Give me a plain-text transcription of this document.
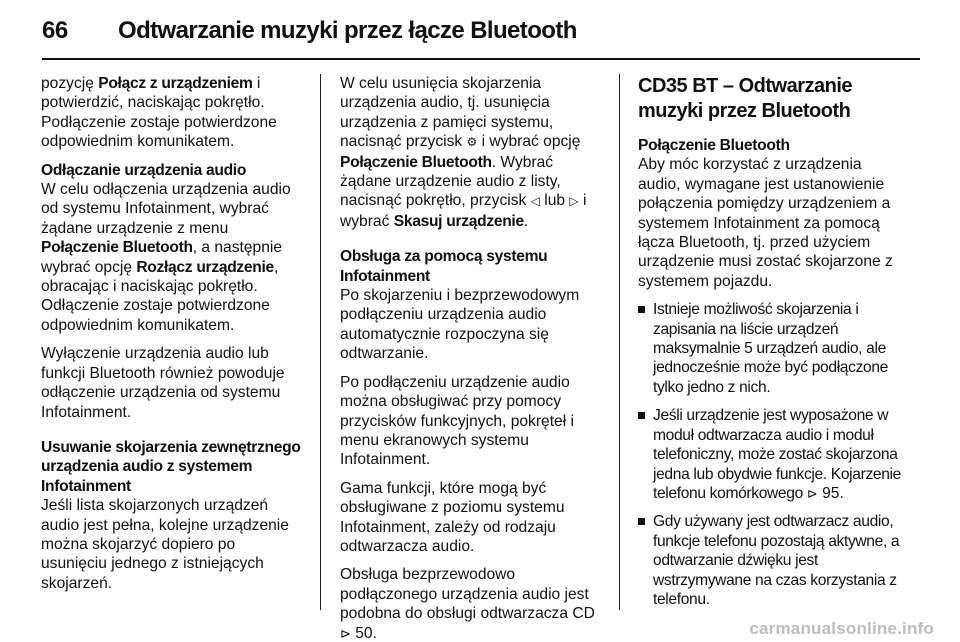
66 Odtwarzanie muzyki przez łącze Bluetooth

pozycję Połącz z urządzeniem i potwierdzić, naciskając pokrętło. Podłączenie zostaje potwierdzone odpowiednim komunikatem.

Odłączanie urządzenia audio
W celu odłączenia urządzenia audio od systemu Infotainment, wybrać żądane urządzenie z menu Połączenie Bluetooth, a następnie wybrać opcję Rozłącz urządzenie, obracając i naciskając pokrętło. Odłączenie zostaje potwierdzone odpowiednim komunikatem.

Wyłączenie urządzenia audio lub funkcji Bluetooth również powoduje odłączenie urządzenia od systemu Infotainment.

Usuwanie skojarzenia zewnętrznego urządzenia audio z systemem Infotainment
Jeśli lista skojarzonych urządzeń audio jest pełna, kolejne urządzenie można skojarzyć dopiero po usunięciu jednego z istniejących skojarzeń.

W celu usunięcia skojarzenia urządzenia audio, tj. usunięcia urządzenia z pamięci systemu, nacisnąć przycisk ⚙ i wybrać opcję Połączenie Bluetooth. Wybrać żądane urządzenie audio z listy, nacisnąć pokrętło, przycisk ◁ lub ▷ i wybrać Skasuj urządzenie.

Obsługa za pomocą systemu Infotainment
Po skojarzeniu i bezprzewodowym podłączeniu urządzenia audio automatycznie rozpoczyna się odtwarzanie.

Po podłączeniu urządzenie audio można obsługiwać przy pomocy przycisków funkcyjnych, pokręteł i menu ekranowych systemu Infotainment.

Gama funkcji, które mogą być obsługiwane z poziomu systemu Infotainment, zależy od rodzaju odtwarzacza audio.

Obsługa bezprzewodowo podłączonego urządzenia audio jest podobna do obsługi odtwarzacza CD ⊳ 50.

CD35 BT – Odtwarzanie muzyki przez Bluetooth

Połączenie Bluetooth
Aby móc korzystać z urządzenia audio, wymagane jest ustanowienie połączenia pomiędzy urządzeniem a systemem Infotainment za pomocą łącza Bluetooth, tj. przed użyciem urządzenie musi zostać skojarzone z systemem pojazdu.

Istnieje możliwość skojarzenia i zapisania na liście urządzeń maksymalnie 5 urządzeń audio, ale jednocześnie może być podłączone tylko jedno z nich.
Jeśli urządzenie jest wyposażone w moduł odtwarzacza audio i moduł telefoniczny, może zostać skojarzona jedna lub obydwie funkcje. Kojarzenie telefonu komórkowego ⊳ 95.
Gdy używany jest odtwarzacz audio, funkcje telefonu pozostają aktywne, a odtwarzanie dźwięku jest wstrzymywane na czas korzystania z telefonu.
carmanualsonline.info
